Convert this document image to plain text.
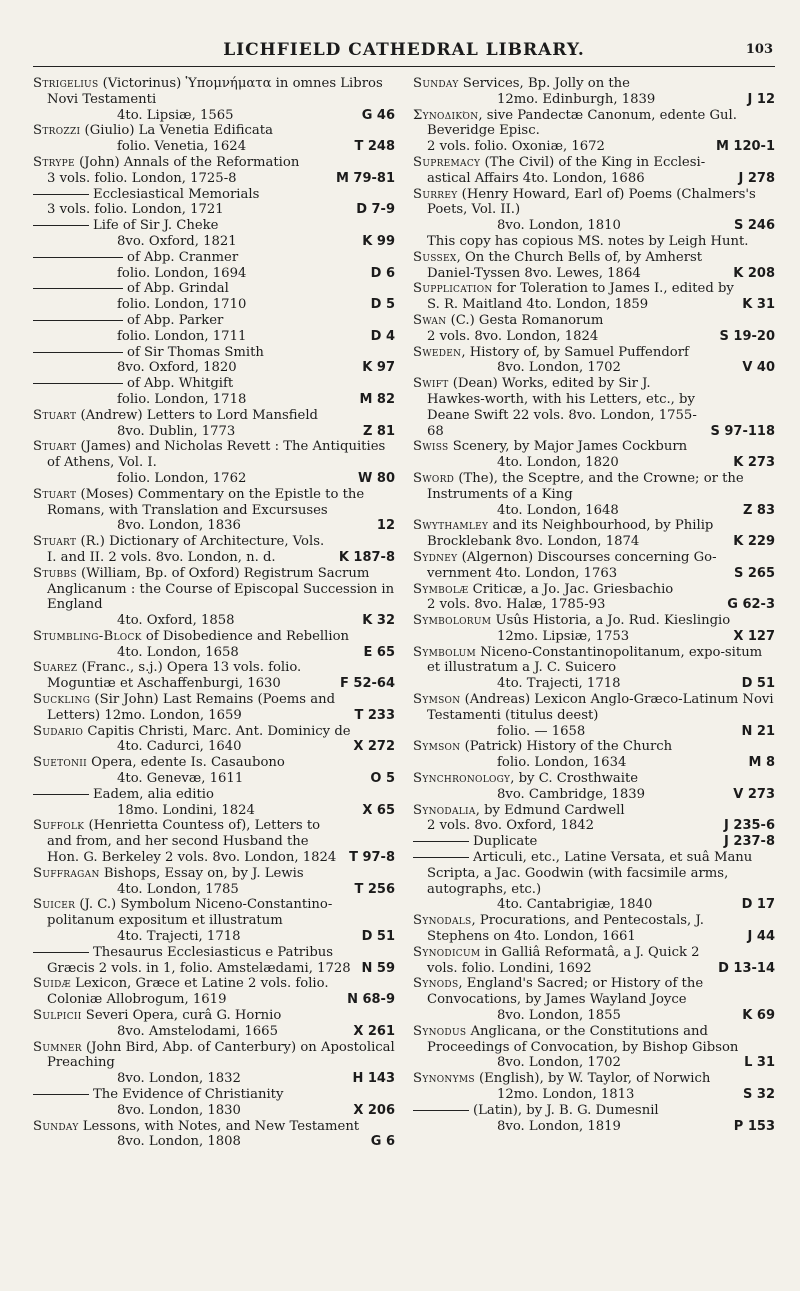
LICHFIELD CATHEDRAL LIBRARY.	103
Strigelius (Victorinus) Ὑπομνήματα in omnes Libros Novi Testamenti
4to. Lipsiæ, 1565	G 46
Strozzi (Giulio) La Venetia Edificata
folio. Venetia, 1624	T 248
Strype (John) Annals of the Reformation
3 vols. folio. London, 1725-8	M 79-81
Ecclesiastical Memorials
3 vols. folio. London, 1721	D 7-9
Life of Sir J. Cheke
8vo. Oxford, 1821	K 99
of Abp. Cranmer
folio. London, 1694	D 6
of Abp. Grindal
folio. London, 1710	D 5
of Abp. Parker
folio. London, 1711	D 4
of Sir Thomas Smith
8vo. Oxford, 1820	K 97
of Abp. Whitgift
folio. London, 1718	M 82
Stuart (Andrew) Letters to Lord Mansfield
8vo. Dublin, 1773	Z 81
Stuart (James) and Nicholas Revett : The Antiquities of Athens, Vol. I.
folio. London, 1762	W 80
Stuart (Moses) Commentary on the Epistle to the Romans, with Translation and Excursuses
8vo. London, 1836	12
Stuart (R.) Dictionary of Architecture, Vols. I. and II. 2 vols. 8vo. London, n. d.	K 187-8
Stubbs (William, Bp. of Oxford) Registrum Sacrum Anglicanum : the Course of Episcopal Succession in England
4to. Oxford, 1858	K 32
Stumbling-Block of Disobedience and Rebellion
4to. London, 1658	E 65
Suarez (Franc., s.j.) Opera 13 vols. folio. Moguntiæ et Aschaffenburgi, 1630	F 52-64
Suckling (Sir John) Last Remains (Poems and Letters) 12mo. London, 1659	T 233
Sudario Capitis Christi, Marc. Ant. Dominicy de
4to. Cadurci, 1640	X 272
Suetonii Opera, edente Is. Casaubono
4to. Genevæ, 1611	O 5
Eadem, alia editio
18mo. Londini, 1824	X 65
Suffolk (Henrietta Countess of), Letters to and from, and her second Husband the Hon. G. Berkeley 2 vols. 8vo. London, 1824 T 97-8
Suffragan Bishops, Essay on, by J. Lewis
4to. London, 1785	T 256
Suicer (J. C.) Symbolum Niceno-Constantino-politanum expositum et illustratum
4to. Trajecti, 1718	D 51
Thesaurus Ecclesiasticus e Patribus Græcis 2 vols. in 1, folio. Amstelædami, 1728 N 59
Suidæ Lexicon, Græce et Latine 2 vols. folio. Coloniæ Allobrogum, 1619	N 68-9
Sulpicii Severi Opera, curâ G. Hornio
8vo. Amstelodami, 1665	X 261
Sumner (John Bird, Abp. of Canterbury) on Apostolical Preaching
8vo. London, 1832	H 143
The Evidence of Christianity
8vo. London, 1830	X 206
Sunday Lessons, with Notes, and New Testament
8vo. London, 1808	G 6
Sunday Services, Bp. Jolly on the
12mo. Edinburgh, 1839	J 12
Συνοδικόν, sive Pandectæ Canonum, edente Gul. Beveridge Episc.
2 vols. folio. Oxoniæ, 1672	M 120-1
Supremacy (The Civil) of the King in Ecclesi-astical Affairs 4to. London, 1686	J 278
Surrey (Henry Howard, Earl of) Poems (Chalmers's Poets, Vol. II.)
8vo. London, 1810	S 246
This copy has copious MS. notes by Leigh Hunt.
Sussex, On the Church Bells of, by Amherst Daniel-Tyssen 8vo. Lewes, 1864	K 208
Supplication for Toleration to James I., edited by S. R. Maitland 4to. London, 1859	K 31
Swan (C.) Gesta Romanorum
2 vols. 8vo. London, 1824	S 19-20
Sweden, History of, by Samuel Puffendorf
8vo. London, 1702	V 40
Swift (Dean) Works, edited by Sir J. Hawkes-worth, with his Letters, etc., by Deane Swift 22 vols. 8vo. London, 1755-68	S 97-118
Swiss Scenery, by Major James Cockburn
4to. London, 1820	K 273
Sword (The), the Sceptre, and the Crowne; or the Instruments of a King
4to. London, 1648	Z 83
Swythamley and its Neighbourhood, by Philip Brocklebank 8vo. London, 1874	K 229
Sydney (Algernon) Discourses concerning Go-vernment 4to. London, 1763	S 265
Symbolæ Criticæ, a Jo. Jac. Griesbachio
2 vols. 8vo. Halæ, 1785-93	G 62-3
Symbolorum Usûs Historia, a Jo. Rud. Kieslingio
12mo. Lipsiæ, 1753	X 127
Symbolum Niceno-Constantinopolitanum, expo-situm et illustratum a J. C. Suicero
4to. Trajecti, 1718	D 51
Symson (Andreas) Lexicon Anglo-Græco-Latinum Novi Testamenti (titulus deest)
folio. — 1658	N 21
Symson (Patrick) History of the Church
folio. London, 1634	M 8
Synchronology, by C. Crosthwaite
8vo. Cambridge, 1839	V 273
Synodalia, by Edmund Cardwell
2 vols. 8vo. Oxford, 1842	J 235-6
Duplicate	J 237-8
Articuli, etc., Latine Versata, et suâ Manu Scripta, a Jac. Goodwin (with facsimile arms, autographs, etc.)
4to. Cantabrigiæ, 1840	D 17
Synodals, Procurations, and Pentecostals, J. Stephens on 4to. London, 1661	J 44
Synodicum in Galliâ Reformatâ, a J. Quick 2 vols. folio. Londini, 1692	D 13-14
Synods, England's Sacred; or History of the Convocations, by James Wayland Joyce
8vo. London, 1855	K 69
Synodus Anglicana, or the Constitutions and Proceedings of Convocation, by Bishop Gibson
8vo. London, 1702	L 31
Synonyms (English), by W. Taylor, of Norwich
12mo. London, 1813	S 32
(Latin), by J. B. G. Dumesnil
8vo. London, 1819	P 153
